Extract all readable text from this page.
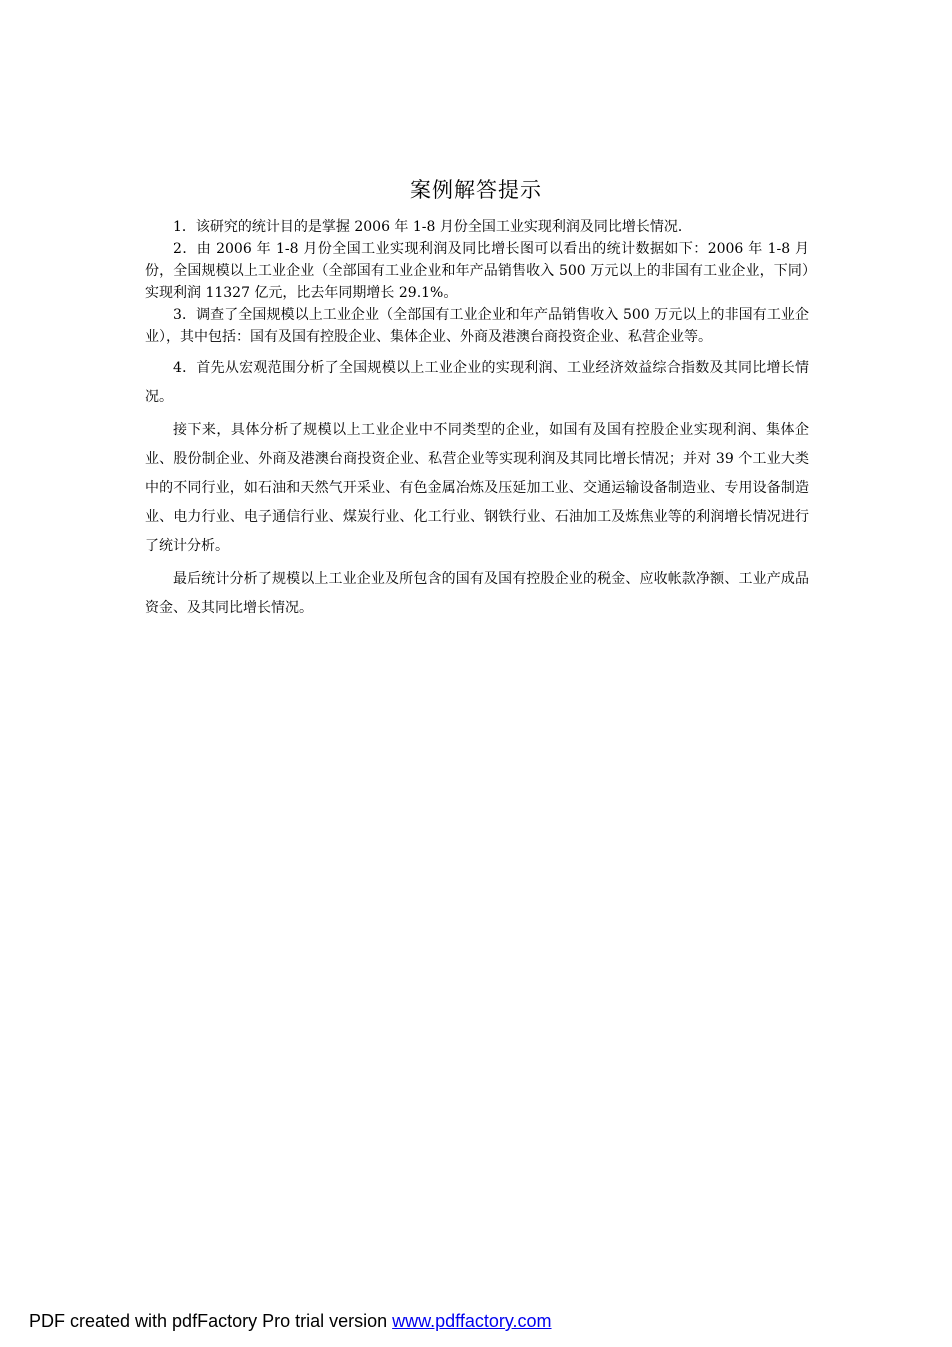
案例解答提示

1．该研究的统计目的是掌握 2006 年 1-8 月份全国工业实现利润及同比增长情况．

2．由 2006 年 1-8 月份全国工业实现利润及同比增长图可以看出的统计数据如下：2006 年 1-8 月份，全国规模以上工业企业（全部国有工业企业和年产品销售收入 500 万元以上的非国有工业企业，下同）实现利润 11327 亿元，比去年同期增长 29.1%。

3．调查了全国规模以上工业企业（全部国有工业企业和年产品销售收入 500 万元以上的非国有工业企业），其中包括：国有及国有控股企业、集体企业、外商及港澳台商投资企业、私营企业等。

4．首先从宏观范围分析了全国规模以上工业企业的实现利润、工业经济效益综合指数及其同比增长情况。

接下来，具体分析了规模以上工业企业中不同类型的企业，如国有及国有控股企业实现利润、集体企业、股份制企业、外商及港澳台商投资企业、私营企业等实现利润及其同比增长情况；并对 39 个工业大类中的不同行业，如石油和天然气开采业、有色金属冶炼及压延加工业、交通运输设备制造业、专用设备制造业、电力行业、电子通信行业、煤炭行业、化工行业、钢铁行业、石油加工及炼焦业等的利润增长情况进行了统计分析。

最后统计分析了规模以上工业企业及所包含的国有及国有控股企业的税金、应收帐款净额、工业产成品资金、及其同比增长情况。

PDF created with pdfFactory Pro trial version www.pdffactory.com
